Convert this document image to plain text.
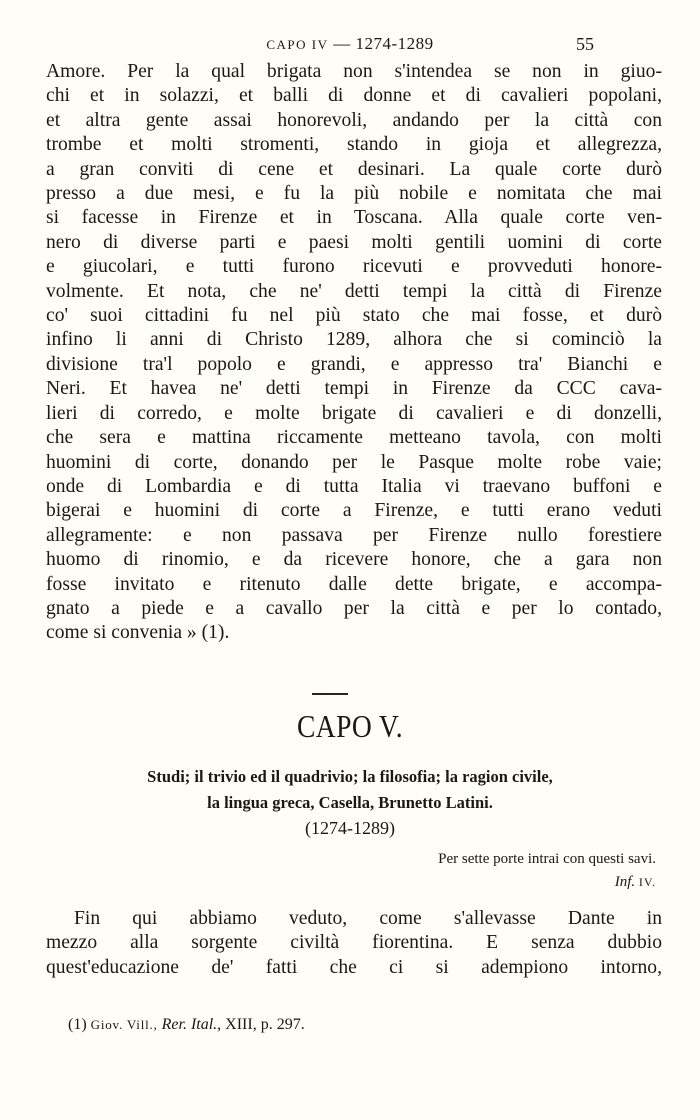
CAPO IV — 1274-1289	55
Amore. Per la qual brigata non s'intendea se non in giuo-
chi et in solazzi, et balli di donne et di cavalieri popolani,
et altra gente assai honorevoli, andando per la città con
trombe et molti stromenti, stando in gioja et allegrezza,
a gran conviti di cene et desinari. La quale corte durò
presso a due mesi, e fu la più nobile e nomitata che mai
si facesse in Firenze et in Toscana. Alla quale corte ven-
nero di diverse parti e paesi molti gentili uomini di corte
e giucolari, e tutti furono ricevuti e provveduti honore-
volmente. Et nota, che ne' detti tempi la città di Firenze
co' suoi cittadini fu nel più stato che mai fosse, et durò
infino li anni di Christo 1289, alhora che si cominciò la
divisione tra'l popolo e grandi, e appresso tra' Bianchi e
Neri. Et havea ne' detti tempi in Firenze da CCC cava-
lieri di corredo, e molte brigate di cavalieri e di donzelli,
che sera e mattina riccamente metteano tavola, con molti
huomini di corte, donando per le Pasque molte robe vaie;
onde di Lombardia e di tutta Italia vi traevano buffoni e
bigerai e huomini di corte a Firenze, e tutti erano veduti
allegramente: e non passava per Firenze nullo forestiere
huomo di rinomio, e da ricevere honore, che a gara non
fosse invitato e ritenuto dalle dette brigate, e accompa-
gnato a piede e a cavallo per la città e per lo contado,
come si convenia » (1).
CAPO V.
Studi; il trivio ed il quadrivio; la filosofia; la ragion civile,
la lingua greca, Casella, Brunetto Latini.
(1274-1289)
Per sette porte intrai con questi savi.
Inf. IV.
Fin qui abbiamo veduto, come s'allevasse Dante in
mezzo alla sorgente civiltà fiorentina. E senza dubbio
quest'educazione de' fatti che ci si adempiono intorno,
(1) Giov. Vill., Rer. Ital., XIII, p. 297.
